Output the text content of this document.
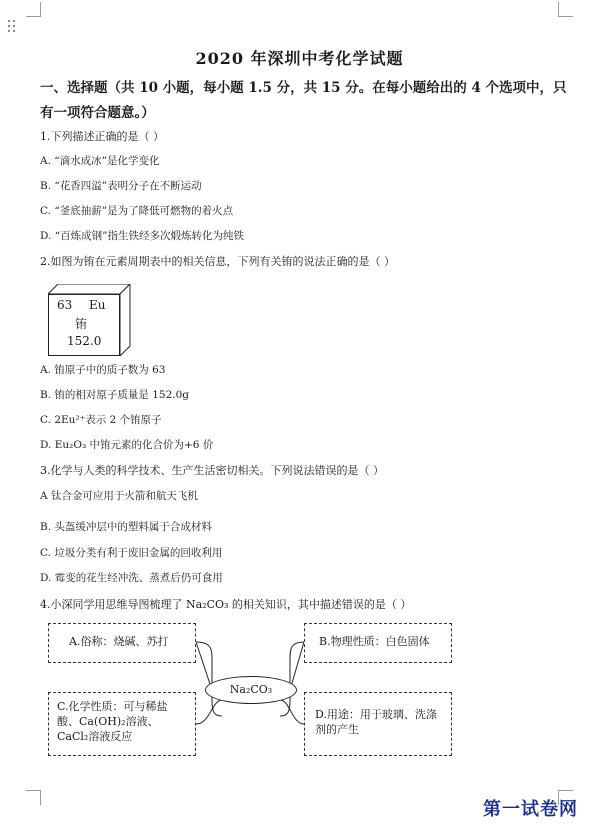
2020 年深圳中考化学试题
一、选择题（共 10 小题，每小题 1.5 分，共 15 分。在每小题给出的 4 个选项中，只有一项符合题意。）
1.下列描述正确的是（ ）
A. “滴水成冰”是化学变化
B. “花香四溢”表明分子在不断运动
C. “釜底抽薪”是为了降低可燃物的着火点
D. “百炼成钢”指生铁经多次煅炼转化为纯铁
2.如图为铕在元素周期表中的相关信息，下列有关铕的说法正确的是（ ）
63 Eu
铕
152.0
A. 铕原子中的质子数为 63
B. 铕的相对原子质量是 152.0g
C. 2Eu²⁺表示 2 个铕原子
D. Eu₂O₃ 中铕元素的化合价为+6 价
3.化学与人类的科学技术、生产生活密切相关。下列说法错误的是（ ）
A 钛合金可应用于火箭和航天飞机
B. 头盔缓冲层中的塑料属于合成材料
C. 垃圾分类有利于废旧金属的回收利用
D. 霉变的花生经冲洗、蒸煮后仍可食用
4.小深同学用思维导图梳理了 Na₂CO₃ 的相关知识，其中描述错误的是（ ）
A.俗称：烧碱、苏打	B.物理性质：白色固体
C.化学性质：可与稀盐酸、Ca(OH)₂溶液、CaCl₂溶液反应
D.用途：用于玻璃、洗涤剂的产生
Na₂CO₃
第一试卷网
